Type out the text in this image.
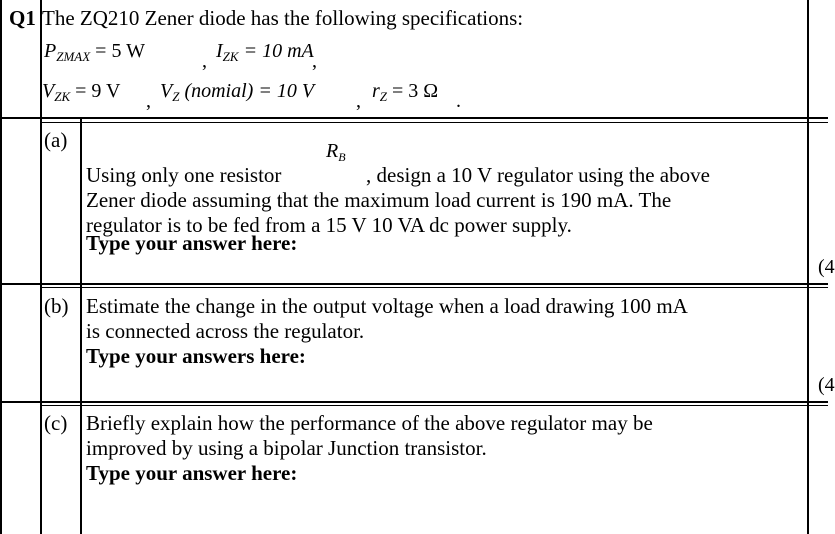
Q1 The ZQ210 Zener diode has the following specifications:
$P_{ZMAX} = 5$ W	, $I_{ZK} = 10$ mA
,
$V_{ZK} = 9$ V , $V_Z$ (nomial) = 10 V , $r_Z = 3$ Ω .
(a)
Using only one resistor
$R_B$
, design a 10 V regulator using the above
Zener diode assuming that the maximum load current is 190 mA. The
regulator is to be fed from a 15 V 10 VA dc power supply.
Type your answer here:
(4
(b) Estimate the change in the output voltage when a load drawing 100 mA
is connected across the regulator.
Type your answers here:
(4
(c) Briefly explain how the performance of the above regulator may be
improved by using a bipolar Junction transistor.
Type your answer here:
